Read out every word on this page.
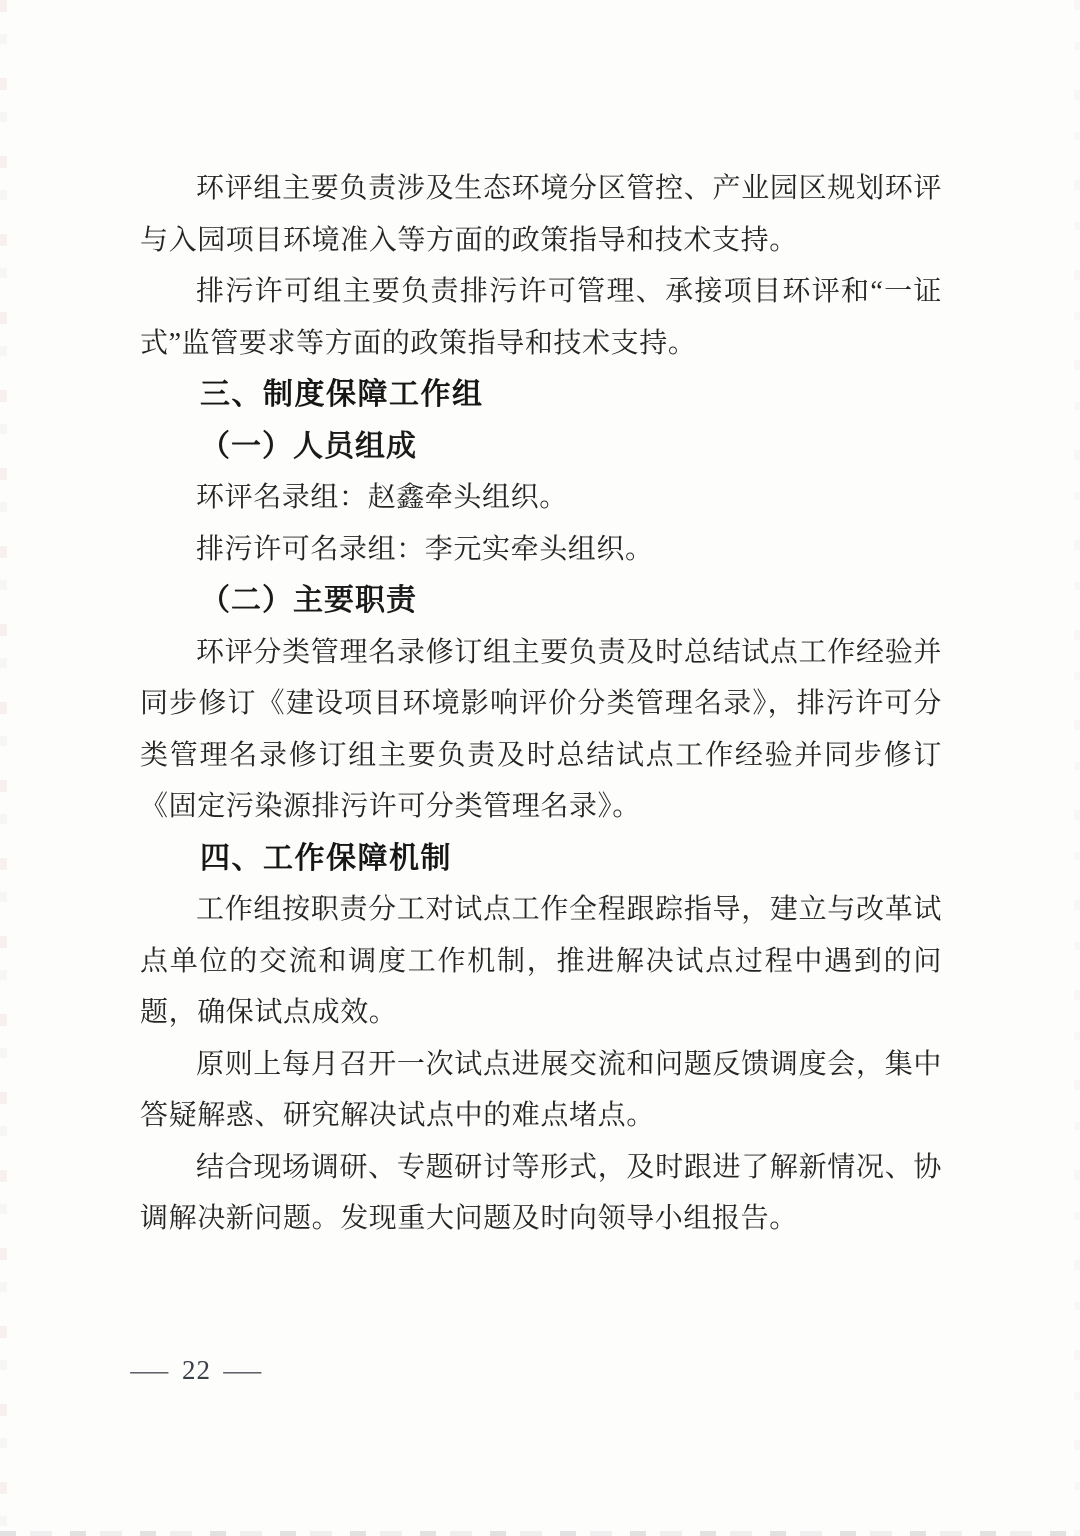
环评组主要负责涉及生态环境分区管控、产业园区规划环评与入园项目环境准入等方面的政策指导和技术支持。

排污许可组主要负责排污许可管理、承接项目环评和“一证式”监管要求等方面的政策指导和技术支持。

三、制度保障工作组

（一）人员组成

环评名录组：赵鑫牵头组织。

排污许可名录组：李元实牵头组织。

（二）主要职责

环评分类管理名录修订组主要负责及时总结试点工作经验并同步修订《建设项目环境影响评价分类管理名录》，排污许可分类管理名录修订组主要负责及时总结试点工作经验并同步修订《固定污染源排污许可分类管理名录》。

四、工作保障机制

工作组按职责分工对试点工作全程跟踪指导，建立与改革试点单位的交流和调度工作机制，推进解决试点过程中遇到的问题，确保试点成效。

原则上每月召开一次试点进展交流和问题反馈调度会，集中答疑解惑、研究解决试点中的难点堵点。

结合现场调研、专题研讨等形式，及时跟进了解新情况、协调解决新问题。发现重大问题及时向领导小组报告。

— 22 —
